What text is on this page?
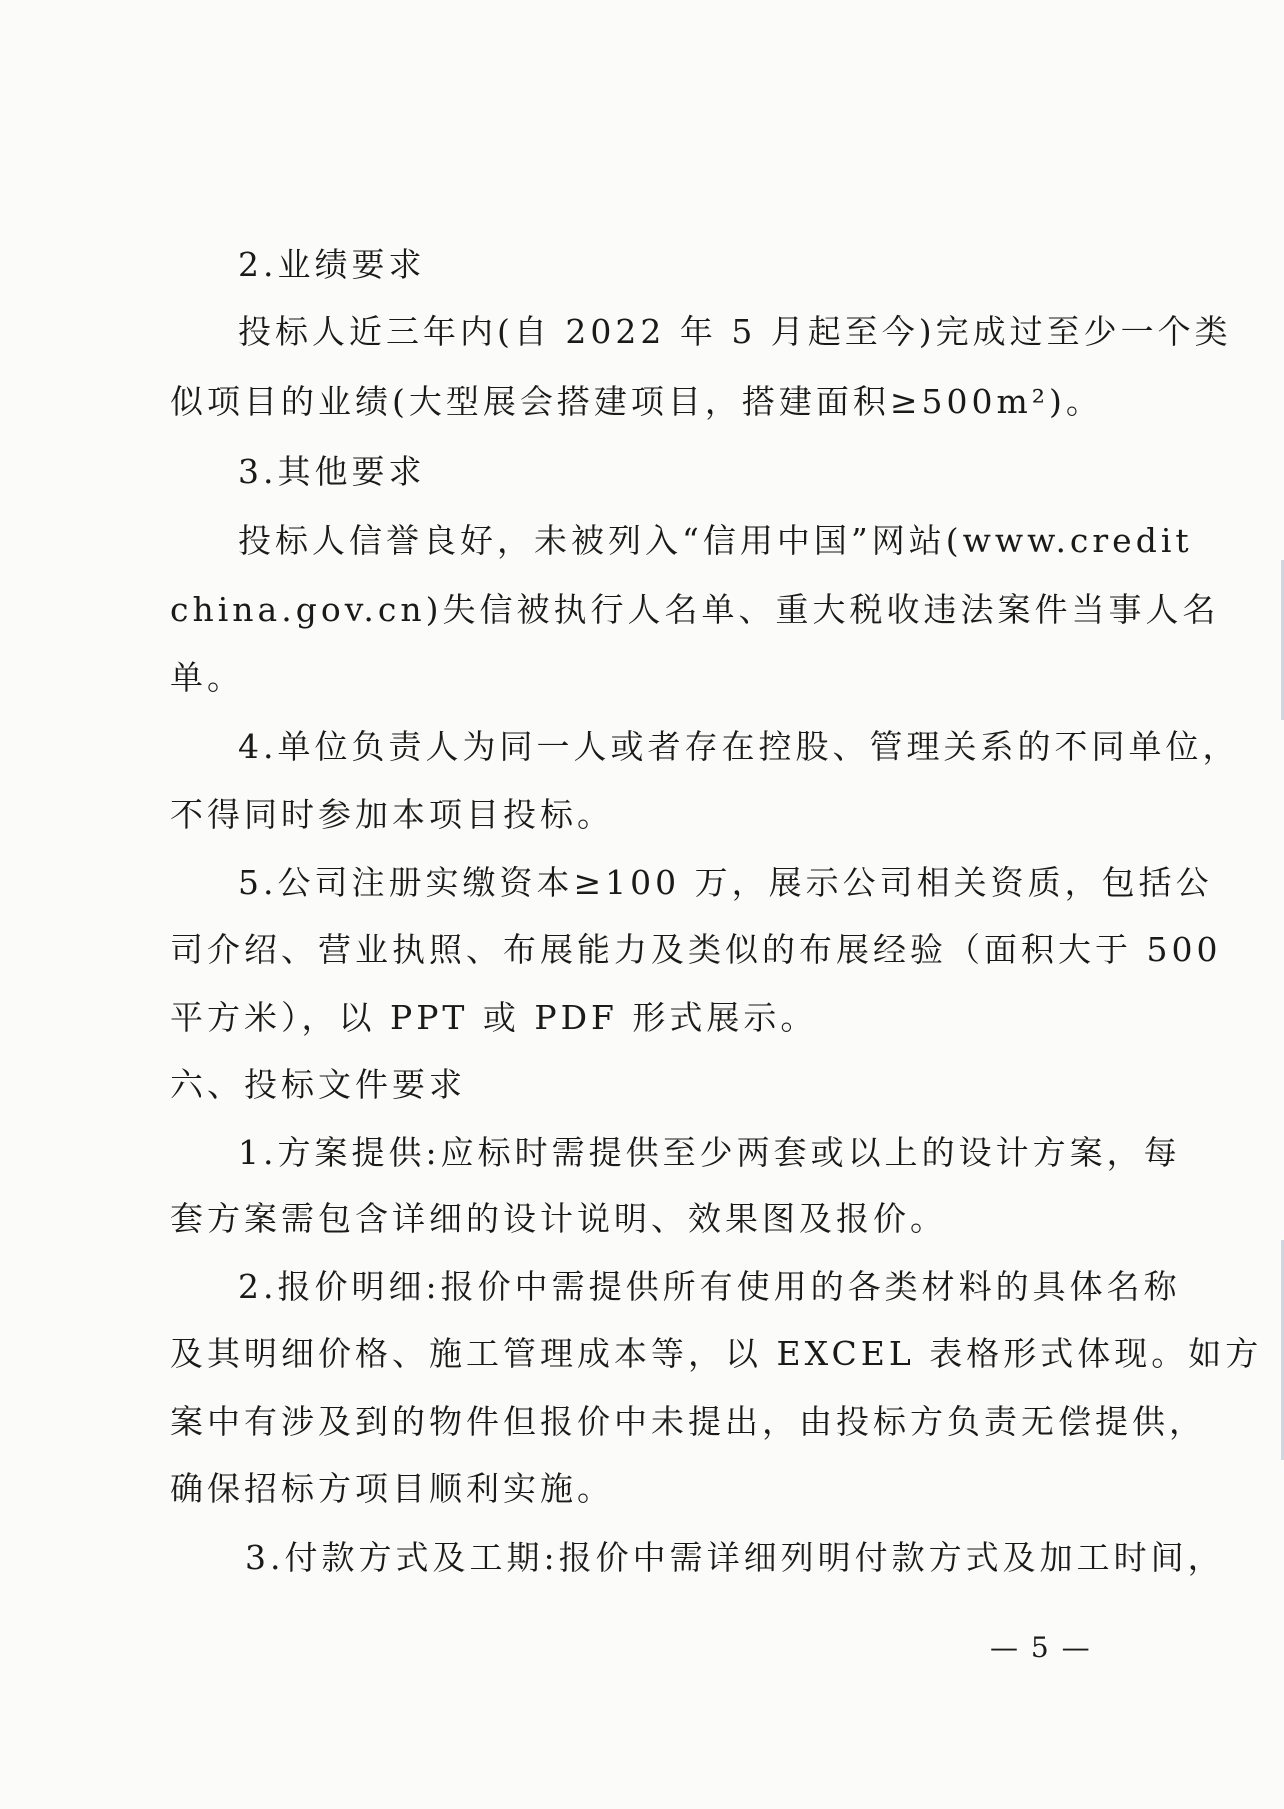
2.业绩要求
投标人近三年内(自 2022 年 5 月起至今)完成过至少一个类
似项目的业绩(大型展会搭建项目，搭建面积≥500m²)。
3.其他要求
投标人信誉良好，未被列入“信用中国”网站(www.credit
china.gov.cn)失信被执行人名单、重大税收违法案件当事人名
单。
4.单位负责人为同一人或者存在控股、管理关系的不同单位，
不得同时参加本项目投标。
5.公司注册实缴资本≥100 万，展示公司相关资质，包括公
司介绍、营业执照、布展能力及类似的布展经验（面积大于 500
平方米），以 PPT 或 PDF 形式展示。
六、投标文件要求
1.方案提供:应标时需提供至少两套或以上的设计方案，每
套方案需包含详细的设计说明、效果图及报价。
2.报价明细:报价中需提供所有使用的各类材料的具体名称
及其明细价格、施工管理成本等，以 EXCEL 表格形式体现。如方
案中有涉及到的物件但报价中未提出，由投标方负责无偿提供，
确保招标方项目顺利实施。
3.付款方式及工期:报价中需详细列明付款方式及加工时间，
— 5 —
